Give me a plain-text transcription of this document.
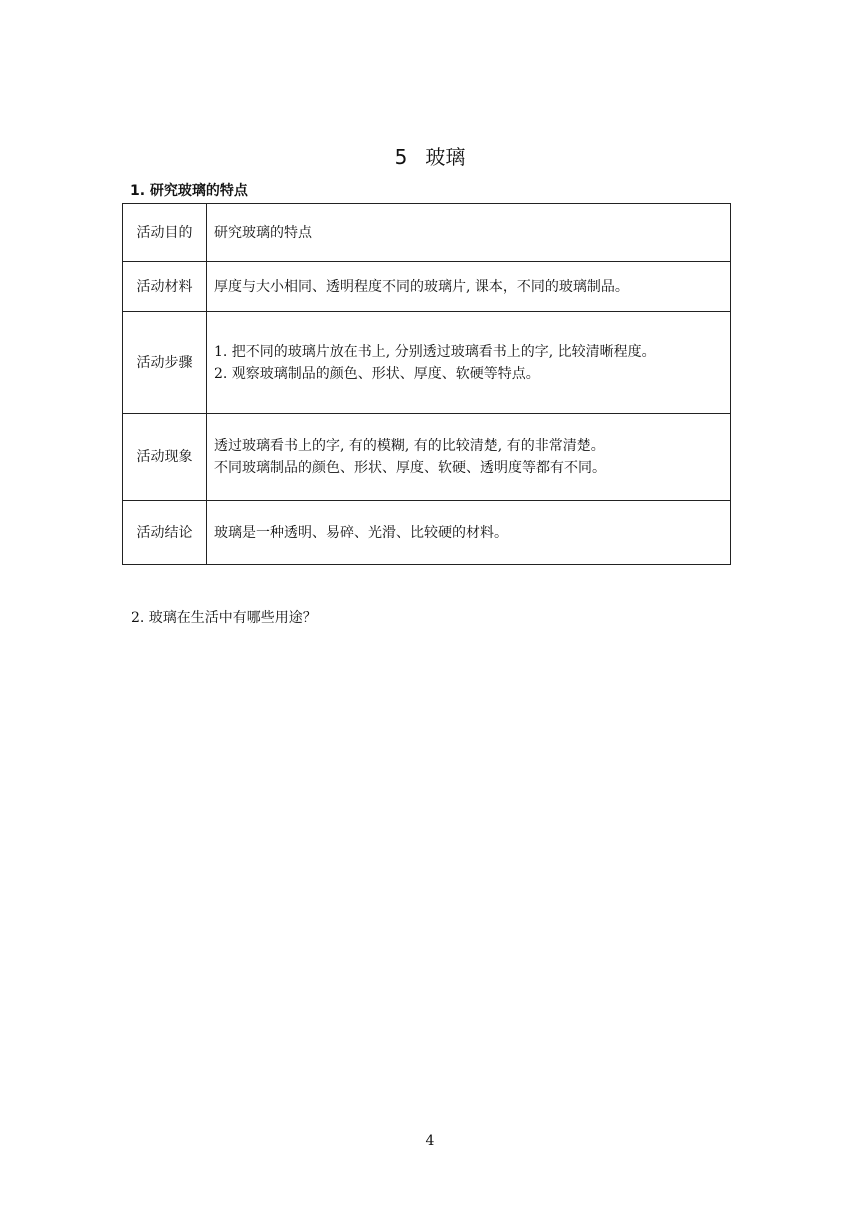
5 玻璃
1. 研究玻璃的特点
活动目的	研究玻璃的特点

活动材料	厚度与大小相同、透明程度不同的玻璃片, 课本，不同的玻璃制品。

活动步骤	1. 把不同的玻璃片放在书上, 分别透过玻璃看书上的字, 比较清晰程度。
2. 观察玻璃制品的颜色、形状、厚度、软硬等特点。

活动现象	透过玻璃看书上的字, 有的模糊, 有的比较清楚, 有的非常清楚。
不同玻璃制品的颜色、形状、厚度、软硬、透明度等都有不同。

活动结论	玻璃是一种透明、易碎、光滑、比较硬的材料。
2. 玻璃在生活中有哪些用途？
4
